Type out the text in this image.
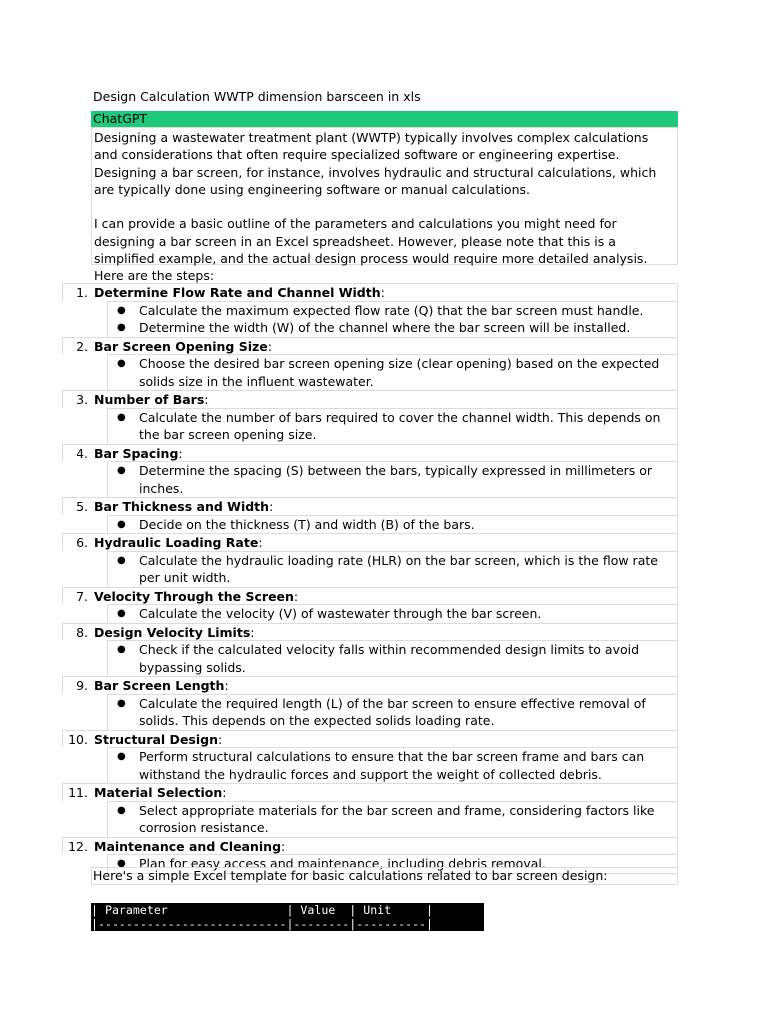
Design Calculation WWTP dimension barsceen in xls
ChatGPT

Designing a wastewater treatment plant (WWTP) typically involves complex calculations and considerations that often require specialized software or engineering expertise. Designing a bar screen, for instance, involves hydraulic and structural calculations, which are typically done using engineering software or manual calculations.

I can provide a basic outline of the parameters and calculations you might need for designing a bar screen in an Excel spreadsheet. However, please note that this is a simplified example, and the actual design process would require more detailed analysis. Here are the steps:

1. Determine Flow Rate and Channel Width:
● Calculate the maximum expected flow rate (Q) that the bar screen must handle.
● Determine the width (W) of the channel where the bar screen will be installed.
2. Bar Screen Opening Size:
● Choose the desired bar screen opening size (clear opening) based on the expected solids size in the influent wastewater.
3. Number of Bars:
● Calculate the number of bars required to cover the channel width. This depends on the bar screen opening size.
4. Bar Spacing:
● Determine the spacing (S) between the bars, typically expressed in millimeters or inches.
5. Bar Thickness and Width:
● Decide on the thickness (T) and width (B) of the bars.
6. Hydraulic Loading Rate:
● Calculate the hydraulic loading rate (HLR) on the bar screen, which is the flow rate per unit width.
7. Velocity Through the Screen:
● Calculate the velocity (V) of wastewater through the bar screen.
8. Design Velocity Limits:
● Check if the calculated velocity falls within recommended design limits to avoid bypassing solids.
9. Bar Screen Length:
● Calculate the required length (L) of the bar screen to ensure effective removal of solids. This depends on the expected solids loading rate.
10. Structural Design:
● Perform structural calculations to ensure that the bar screen frame and bars can withstand the hydraulic forces and support the weight of collected debris.
11. Material Selection:
● Select appropriate materials for the bar screen and frame, considering factors like corrosion resistance.
12. Maintenance and Cleaning:
● Plan for easy access and maintenance, including debris removal.
Here's a simple Excel template for basic calculations related to bar screen design:
| Parameter                 | Value  | Unit     |
|---------------------------|--------|----------|
